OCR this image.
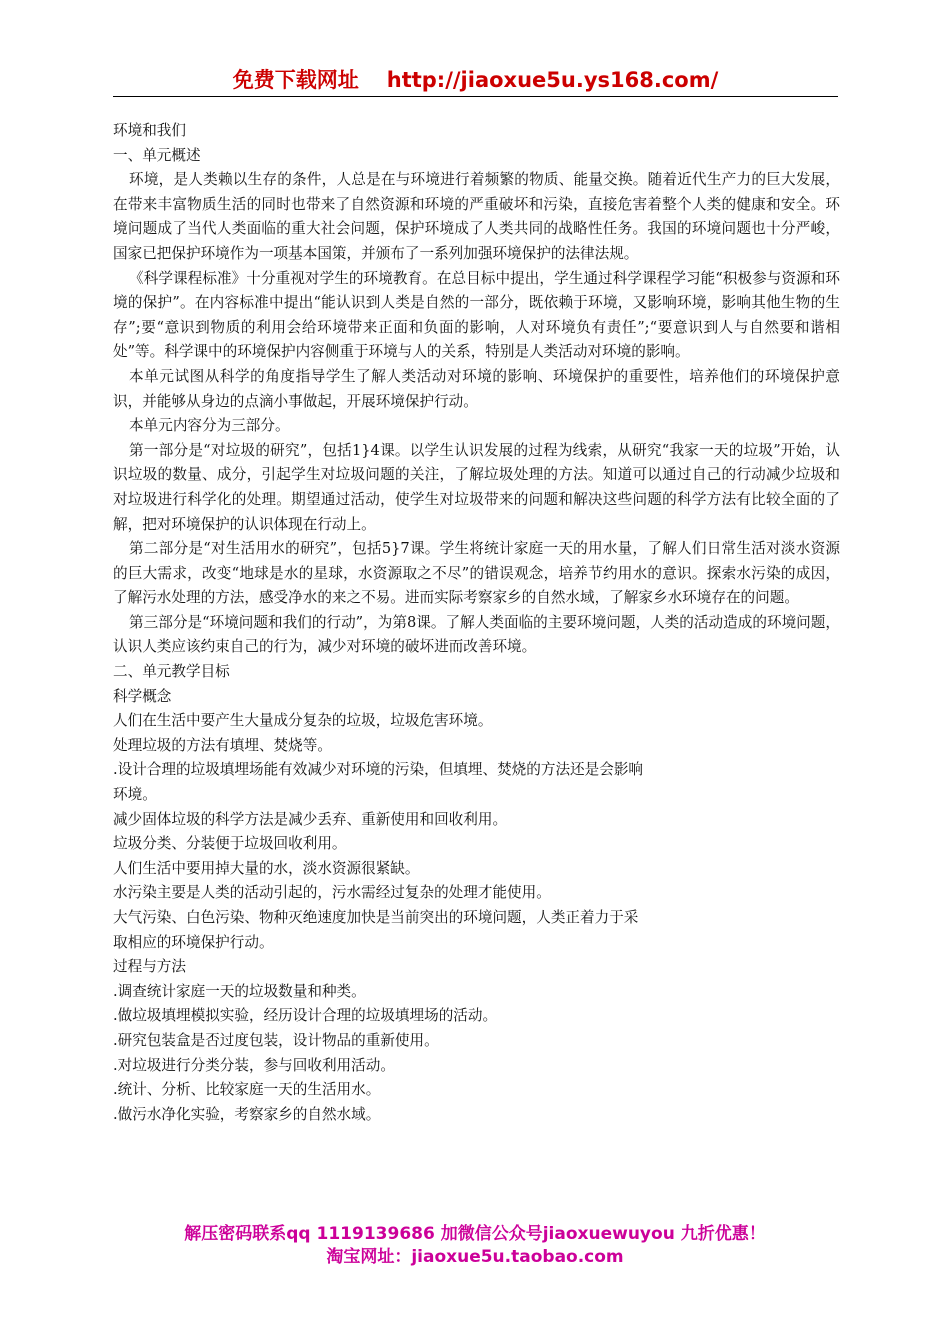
免费下载网址 http://jiaoxue5u.ys168.com/

环境和我们

一、单元概述

环境，是人类赖以生存的条件，人总是在与环境进行着频繁的物质、能量交换。随着近代生产力的巨大发展，在带来丰富物质生活的同时也带来了自然资源和环境的严重破坏和污染，直接危害着整个人类的健康和安全。环境问题成了当代人类面临的重大社会问题，保护环境成了人类共同的战略性任务。我国的环境问题也十分严峻，国家已把保护环境作为一项基本国策，并颁布了一系列加强环境保护的法律法规。

《科学课程标准》十分重视对学生的环境教育。在总目标中提出，学生通过科学课程学习能“积极参与资源和环境的保护”。在内容标准中提出“能认识到人类是自然的一部分，既依赖于环境，又影响环境，影响其他生物的生存”;要“意识到物质的利用会给环境带来正面和负面的影响，人对环境负有责任”;“要意识到人与自然要和谐相处”等。科学课中的环境保护内容侧重于环境与人的关系，特别是人类活动对环境的影响。

本单元试图从科学的角度指导学生了解人类活动对环境的影响、环境保护的重要性，培养他们的环境保护意识，并能够从身边的点滴小事做起，开展环境保护行动。

本单元内容分为三部分。

第一部分是“对垃圾的研究”，包括1}4课。以学生认识发展的过程为线索，从研究“我家一天的垃圾”开始，认识垃圾的数量、成分，引起学生对垃圾问题的关注，了解垃圾处理的方法。知道可以通过自己的行动减少垃圾和对垃圾进行科学化的处理。期望通过活动，使学生对垃圾带来的问题和解决这些问题的科学方法有比较全面的了解，把对环境保护的认识体现在行动上。

第二部分是“对生活用水的研究”，包括5}7课。学生将统计家庭一天的用水量，了解人们日常生活对淡水资源的巨大需求，改变“地球是水的星球，水资源取之不尽”的错误观念，培养节约用水的意识。探索水污染的成因，了解污水处理的方法，感受净水的来之不易。进而实际考察家乡的自然水域，了解家乡水环境存在的问题。

第三部分是“环境问题和我们的行动”，为第8课。了解人类面临的主要环境问题，人类的活动造成的环境问题，认识人类应该约束自己的行为，减少对环境的破坏进而改善环境。

二、单元教学目标

科学概念

人们在生活中要产生大量成分复杂的垃圾，垃圾危害环境。

处理垃圾的方法有填埋、焚烧等。

.设计合理的垃圾填埋场能有效减少对环境的污染，但填埋、焚烧的方法还是会影响

环境。

减少固体垃圾的科学方法是减少丢弃、重新使用和回收利用。

垃圾分类、分装便于垃圾回收利用。

人们生活中要用掉大量的水，淡水资源很紧缺。

水污染主要是人类的活动引起的，污水需经过复杂的处理才能使用。

大气污染、白色污染、物种灭绝速度加快是当前突出的环境问题，人类正着力于采

取相应的环境保护行动。

过程与方法

.调查统计家庭一天的垃圾数量和种类。

.做垃圾填埋模拟实验，经历设计合理的垃圾填埋场的活动。

.研究包装盒是否过度包装，设计物品的重新使用。

.对垃圾进行分类分装，参与回收利用活动。

.统计、分析、比较家庭一天的生活用水。

.做污水净化实验，考察家乡的自然水域。

解压密码联系qq 1119139686 加微信公众号jiaoxuewuyou 九折优惠！
淘宝网址：jiaoxue5u.taobao.com
